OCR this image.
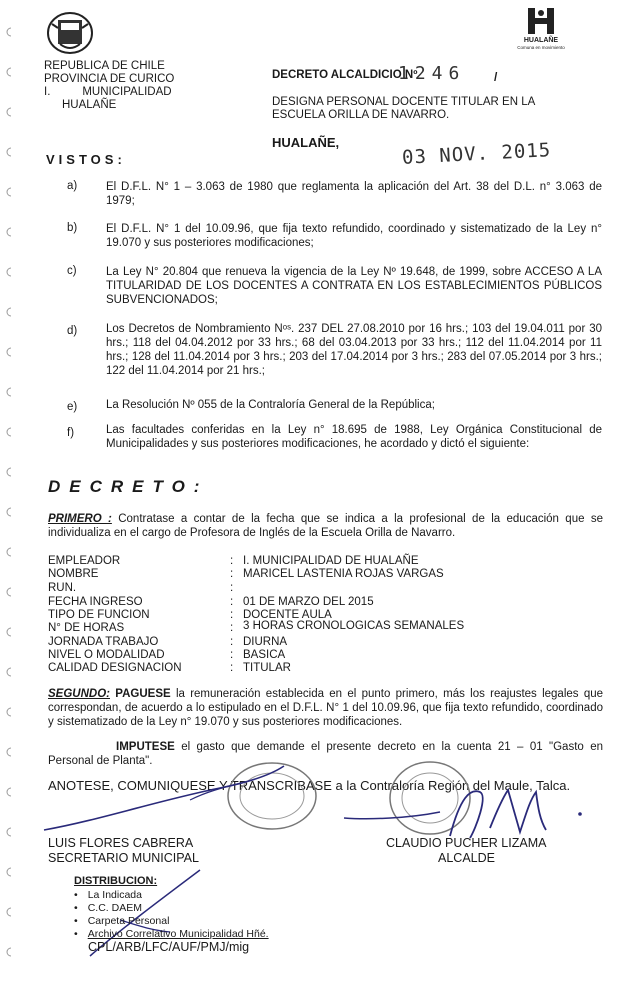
HUALAÑE
Comuna en movimiento
REPUBLICA DE CHILE
PROVINCIA DE CURICO
I.          MUNICIPALIDAD
HUALAÑE
DECRETO ALCALDICIO Nº
1246 /
DESIGNA PERSONAL DOCENTE TITULAR EN LA ESCUELA ORILLA DE NAVARRO.
HUALAÑE,	03 NOV. 2015
VISTOS:
a)	El D.F.L. N° 1 – 3.063 de 1980 que reglamenta la aplicación del Art. 38 del D.L. n° 3.063 de 1979;
b)	El D.F.L. N° 1 del 10.09.96, que fija texto refundido, coordinado y sistematizado de la Ley n° 19.070 y sus posteriores modificaciones;
c)	La Ley N° 20.804 que renueva la vigencia de la Ley Nº 19.648, de 1999, sobre ACCESO A LA TITULARIDAD DE LOS DOCENTES A CONTRATA EN LOS ESTABLECIMIENTOS PÚBLICOS SUBVENCIONADOS;
d)	Los Decretos de Nombramiento Nᵒˢ. 237 DEL 27.08.2010 por 16 hrs.; 103 del 19.04.011 por 30 hrs.; 118 del 04.04.2012 por 33 hrs.; 68 del 03.04.2013 por 33 hrs.; 112 del 11.04.2014 por 11 hrs.; 128 del 11.04.2014 por 3 hrs.; 203 del 17.04.2014 por 3 hrs.; 283 del 07.05.2014 por 3 hrs.; 122 del 11.04.2014 por 21 hrs.;
e)	La Resolución Nº 055 de la Contraloría General de la República;
f)	Las facultades conferidas en la Ley n° 18.695 de 1988, Ley Orgánica Constitucional de Municipalidades y sus posteriores modificaciones, he acordado y dictó el siguiente:
DECRETO:
PRIMERO : Contratase a contar de la fecha que se indica a la profesional de la educación que se individualiza en el cargo de Profesora de Inglés de la Escuela Orilla de Navarro.
EMPLEADOR	: I. MUNICIPALIDAD DE HUALAÑE
NOMBRE	: MARICEL LASTENIA ROJAS VARGAS
RUN.	:
FECHA INGRESO	: 01 DE MARZO DEL 2015
TIPO DE FUNCION	: DOCENTE AULA
N° DE HORAS	: 3 HORAS CRONOLOGICAS SEMANALES
JORNADA TRABAJO	: DIURNA
NIVEL O MODALIDAD	: BASICA
CALIDAD DESIGNACION	: TITULAR
SEGUNDO: PAGUESE la remuneración establecida en el punto primero, más los reajustes legales que correspondan, de acuerdo a lo estipulado en el D.F.L. N° 1 del 10.09.96, que fija texto refundido, coordinado y sistematizado de la Ley n° 19.070 y sus posteriores modificaciones.
IMPUTESE el gasto que demande el presente decreto en la cuenta 21 – 01 "Gasto en Personal de Planta".
ANOTESE, COMUNIQUESE Y TRANSCRIBASE a la Contraloría Región del Maule, Talca.
LUIS FLORES CABRERA
SECRETARIO MUNICIPAL
CLAUDIO PUCHER LIZAMA
ALCALDE
DISTRIBUCION:
• La Indicada
• C.C. DAEM
• Carpeta Personal
• Archivo Correlativo Municipalidad Hñé.
CPL/ARB/LFC/AUF/PMJ/mig
